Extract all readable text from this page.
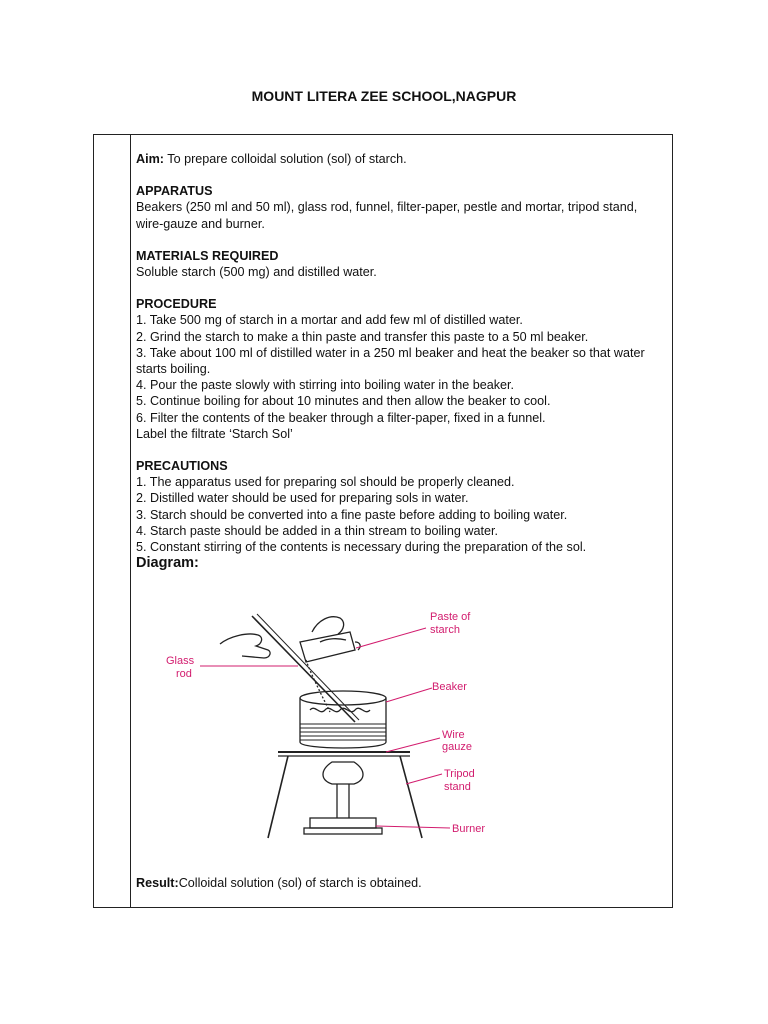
MOUNT LITERA ZEE SCHOOL,NAGPUR

Aim: To prepare colloidal solution (sol) of starch.

APPARATUS

Beakers (250 ml and 50 ml), glass rod, funnel, filter-paper, pestle and mortar, tripod stand, wire-gauze and burner.

MATERIALS REQUIRED

Soluble starch (500 mg) and distilled water.

PROCEDURE

1. Take 500 mg of starch in a mortar and add few ml of distilled water.

2. Grind the starch to make a thin paste and transfer this paste to a 50 ml beaker.

3. Take about 100 ml of distilled water in a 250 ml beaker and heat the beaker so that water starts boiling.

4. Pour the paste slowly with stirring into boiling water in the beaker.

5. Continue boiling for about 10 minutes and then allow the beaker to cool.

6. Filter the contents of the beaker through a filter-paper, fixed in a funnel.

Label the filtrate ‘Starch Sol’

PRECAUTIONS

1. The apparatus used for preparing sol should be properly cleaned.

2. Distilled water should be used for preparing sols in water.

3. Starch should be converted into a fine paste before adding to boiling water.

4. Starch paste should be added in a thin stream to boiling water.

5. Constant stirring of the contents is necessary during the preparation of the sol.

Diagram:

Paste of
starch
Glass
rod
Beaker
Wire
gauze
Tripod
stand
Burner
Result:Colloidal solution (sol) of starch is obtained.
